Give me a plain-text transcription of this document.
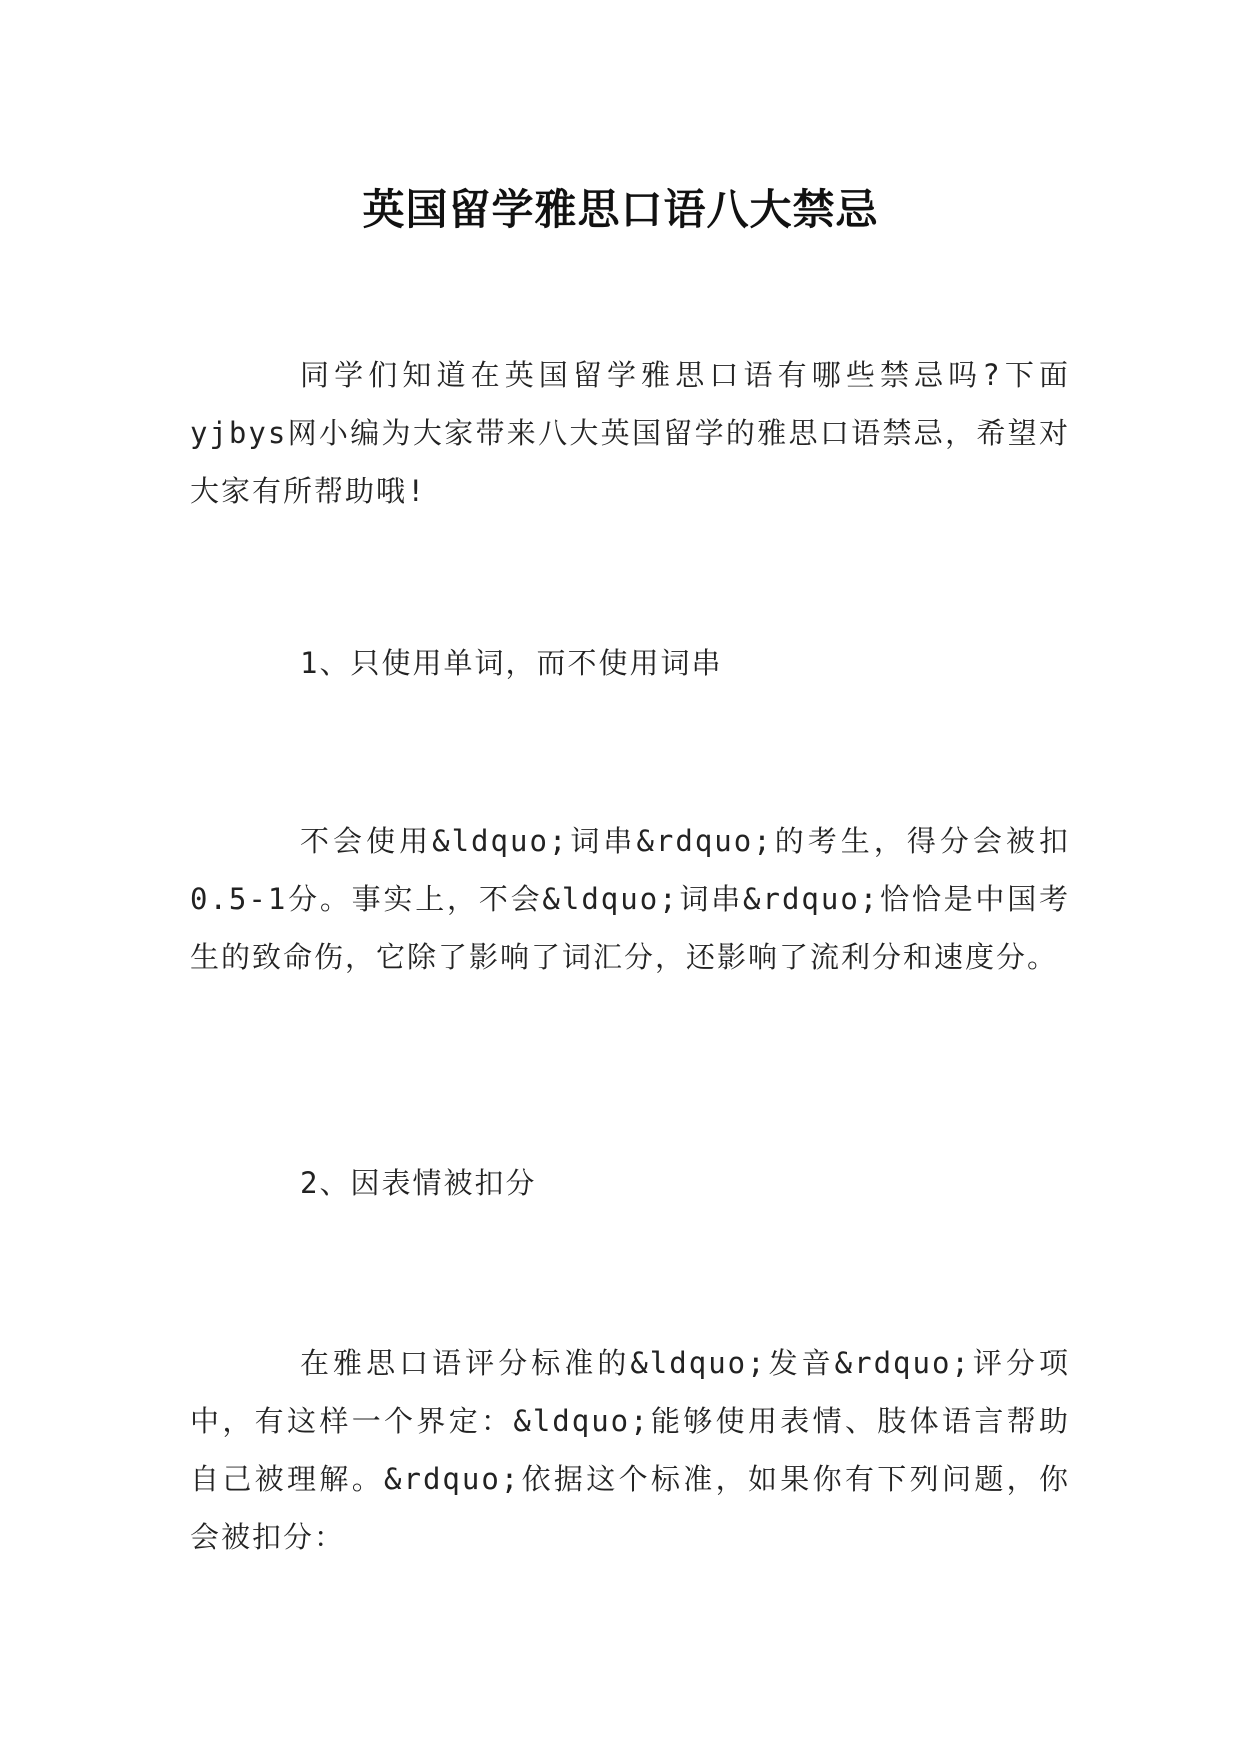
英国留学雅思口语八大禁忌

同学们知道在英国留学雅思口语有哪些禁忌吗?下面yjbys网小编为大家带来八大英国留学的雅思口语禁忌，希望对大家有所帮助哦!

1、只使用单词，而不使用词串

不会使用&ldquo;词串&rdquo;的考生，得分会被扣0.5-1分。事实上，不会&ldquo;词串&rdquo;恰恰是中国考生的致命伤，它除了影响了词汇分，还影响了流利分和速度分。

2、因表情被扣分

在雅思口语评分标准的&ldquo;发音&rdquo;评分项中，有这样一个界定：&ldquo;能够使用表情、肢体语言帮助自己被理解。&rdquo;依据这个标准，如果你有下列问题，你会被扣分：
